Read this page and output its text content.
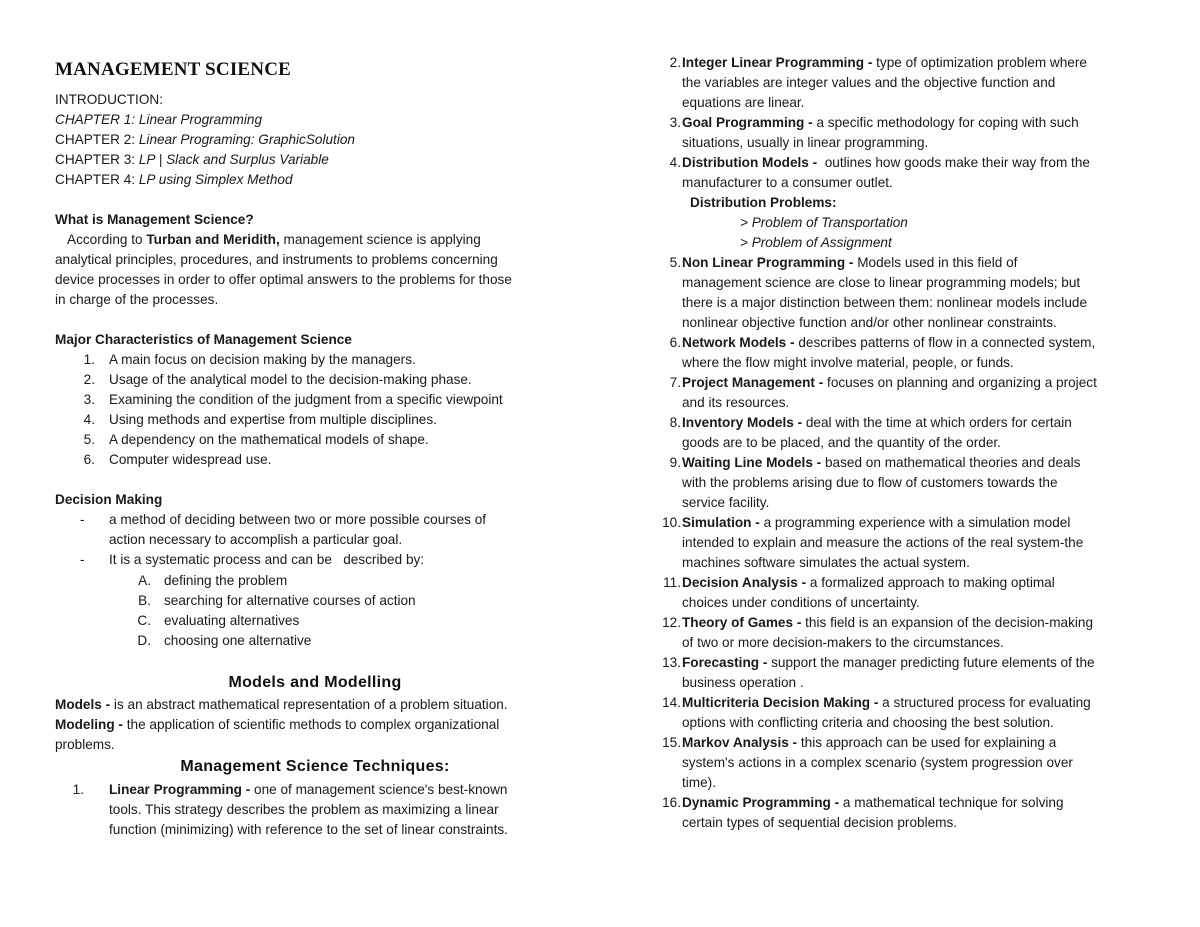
MANAGEMENT SCIENCE
INTRODUCTION:
CHAPTER 1: Linear Programming
CHAPTER 2: Linear Programing: GraphicSolution
CHAPTER 3: LP | Slack and Surplus Variable
CHAPTER 4: LP using Simplex Method
What is Management Science?
According to Turban and Meridith, management science is applying
analytical principles, procedures, and instruments to problems concerning
device processes in order to offer optimal answers to the problems for those
in charge of the processes.
Major Characteristics of Management Science
1. A main focus on decision making by the managers.
2. Usage of the analytical model to the decision-making phase.
3. Examining the condition of the judgment from a specific viewpoint
4. Using methods and expertise from multiple disciplines.
5. A dependency on the mathematical models of shape.
6. Computer widespread use.
Decision Making
- a method of deciding between two or more possible courses of
action necessary to accomplish a particular goal.
- It is a systematic process and can be   described by:
A. defining the problem
B. searching for alternative courses of action
C. evaluating alternatives
D. choosing one alternative
Models and Modelling
Models - is an abstract mathematical representation of a problem situation.
Modeling - the application of scientific methods to complex organizational
problems.
Management Science Techniques:
Distribution Problems:
> Problem of Transportation
> Problem of Assignment
1. Linear Programming - one of management science's best-known
tools. This strategy describes the problem as maximizing a linear
function (minimizing) with reference to the set of linear constraints.
2. Integer Linear Programming - type of optimization problem where
the variables are integer values and the objective function and
equations are linear.
3. Goal Programming - a specific methodology for coping with such
situations, usually in linear programming.
4. Distribution Models -  outlines how goods make their way from the
manufacturer to a consumer outlet.
5. Non Linear Programming - Models used in this field of
management science are close to linear programming models; but
there is a major distinction between them: nonlinear models include
nonlinear objective function and/or other nonlinear constraints.
6. Network Models - describes patterns of flow in a connected system,
where the flow might involve material, people, or funds.
7. Project Management - focuses on planning and organizing a project
and its resources.
8. Inventory Models - deal with the time at which orders for certain
goods are to be placed, and the quantity of the order.
9. Waiting Line Models - based on mathematical theories and deals
with the problems arising due to flow of customers towards the
service facility.
10. Simulation - a programming experience with a simulation model
intended to explain and measure the actions of the real system-the
machines software simulates the actual system.
11. Decision Analysis - a formalized approach to making optimal
choices under conditions of uncertainty.
12. Theory of Games - this field is an expansion of the decision-making
of two or more decision-makers to the circumstances.
13. Forecasting - support the manager predicting future elements of the
business operation .
14. Multicriteria Decision Making - a structured process for evaluating
options with conflicting criteria and choosing the best solution.
15. Markov Analysis - this approach can be used for explaining a
system's actions in a complex scenario (system progression over
time).
16. Dynamic Programming - a mathematical technique for solving
certain types of sequential decision problems.
